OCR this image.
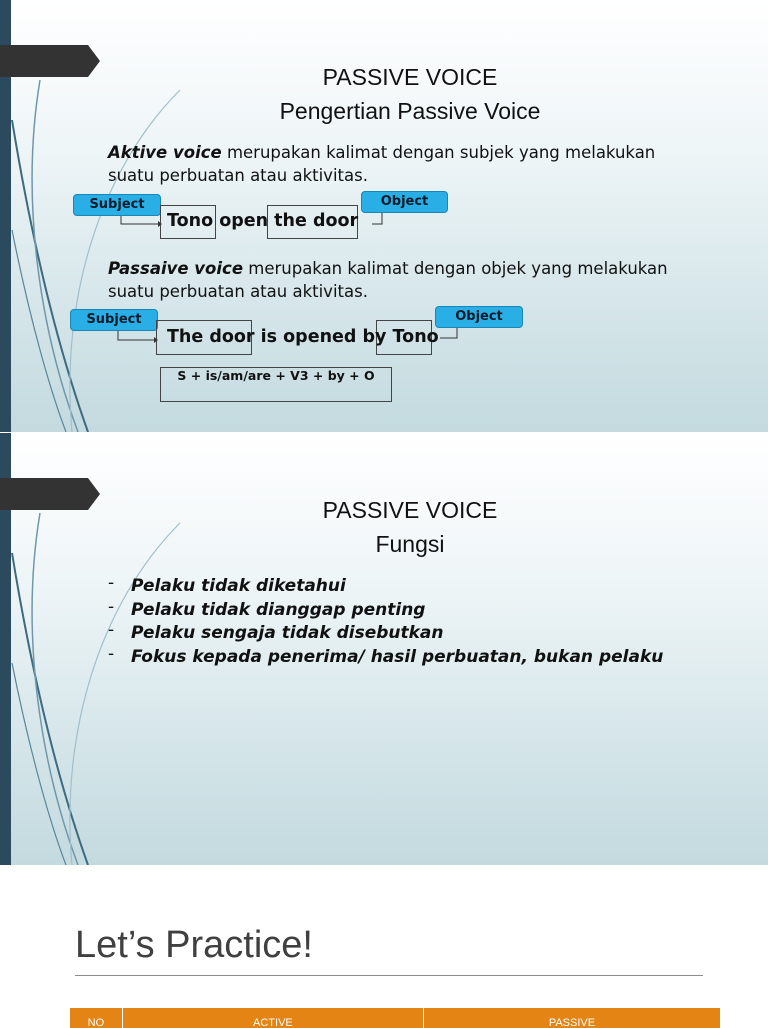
PASSIVE VOICE
Pengertian Passive Voice
Aktive voice merupakan kalimat dengan subjek yang melakukan suatu perbuatan atau aktivitas.
Subject	Object
Tono open the door
Passaive voice merupakan kalimat dengan objek yang melakukan suatu perbuatan atau aktivitas.
Subject	Object
The door is opened by Tono
S + is/am/are + V3 + by + O
PASSIVE VOICE
Fungsi
- Pelaku tidak diketahui
- Pelaku tidak dianggap penting
- Pelaku sengaja tidak disebutkan
- Fokus kepada penerima/ hasil perbuatan, bukan pelaku
Let’s Practice!
NO	ACTIVE	PASSIVE
